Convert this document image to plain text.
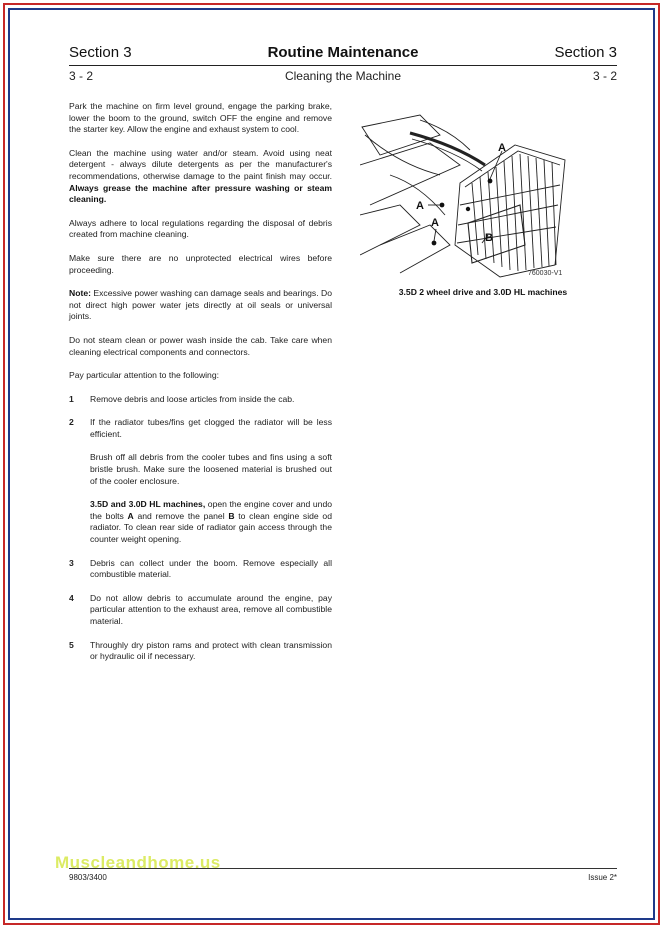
Section 3	Routine Maintenance	Section 3
3 - 2	Cleaning the Machine	3 - 2

Park the machine on firm level ground, engage the parking brake, lower the boom to the ground, switch OFF the engine and remove the starter key. Allow the engine and exhaust system to cool.

Clean the machine using water and/or steam. Avoid using neat detergent - always dilute detergents as per the manufacturer's recommendations, otherwise damage to the paint finish may occur. Always grease the machine after pressure washing or steam cleaning.

Always adhere to local regulations regarding the disposal of debris created from machine cleaning.

Make sure there are no unprotected electrical wires before proceeding.

Note: Excessive power washing can damage seals and bearings. Do not direct high power water jets directly at oil seals or universal joints.

Do not steam clean or power wash inside the cab. Take care when cleaning electrical components and connectors.

Pay particular attention to the following:

1 Remove debris and loose articles from inside the cab.
2 If the radiator tubes/fins get clogged the radiator will be less efficient.
Brush off all debris from the cooler tubes and fins using a soft bristle brush. Make sure the loosened material is brushed out of the cooler enclosure.
3.5D and 3.0D HL machines, open the engine cover and undo the bolts A and remove the panel B to clean engine side od radiator. To clean rear side of radiator gain access through the counter weight opening.
3 Debris can collect under the boom. Remove especially all combustible material.
4 Do not allow debris to accumulate around the engine, pay particular attention to the exhaust area, remove all combustible material.
5 Throughly dry piston rams and protect with clean transmission or hydraulic oil if necessary.
A
A
A
B
760030-V1
3.5D 2 wheel drive and 3.0D HL machines
Muscleandhome.us
9803/3400	Issue 2*
